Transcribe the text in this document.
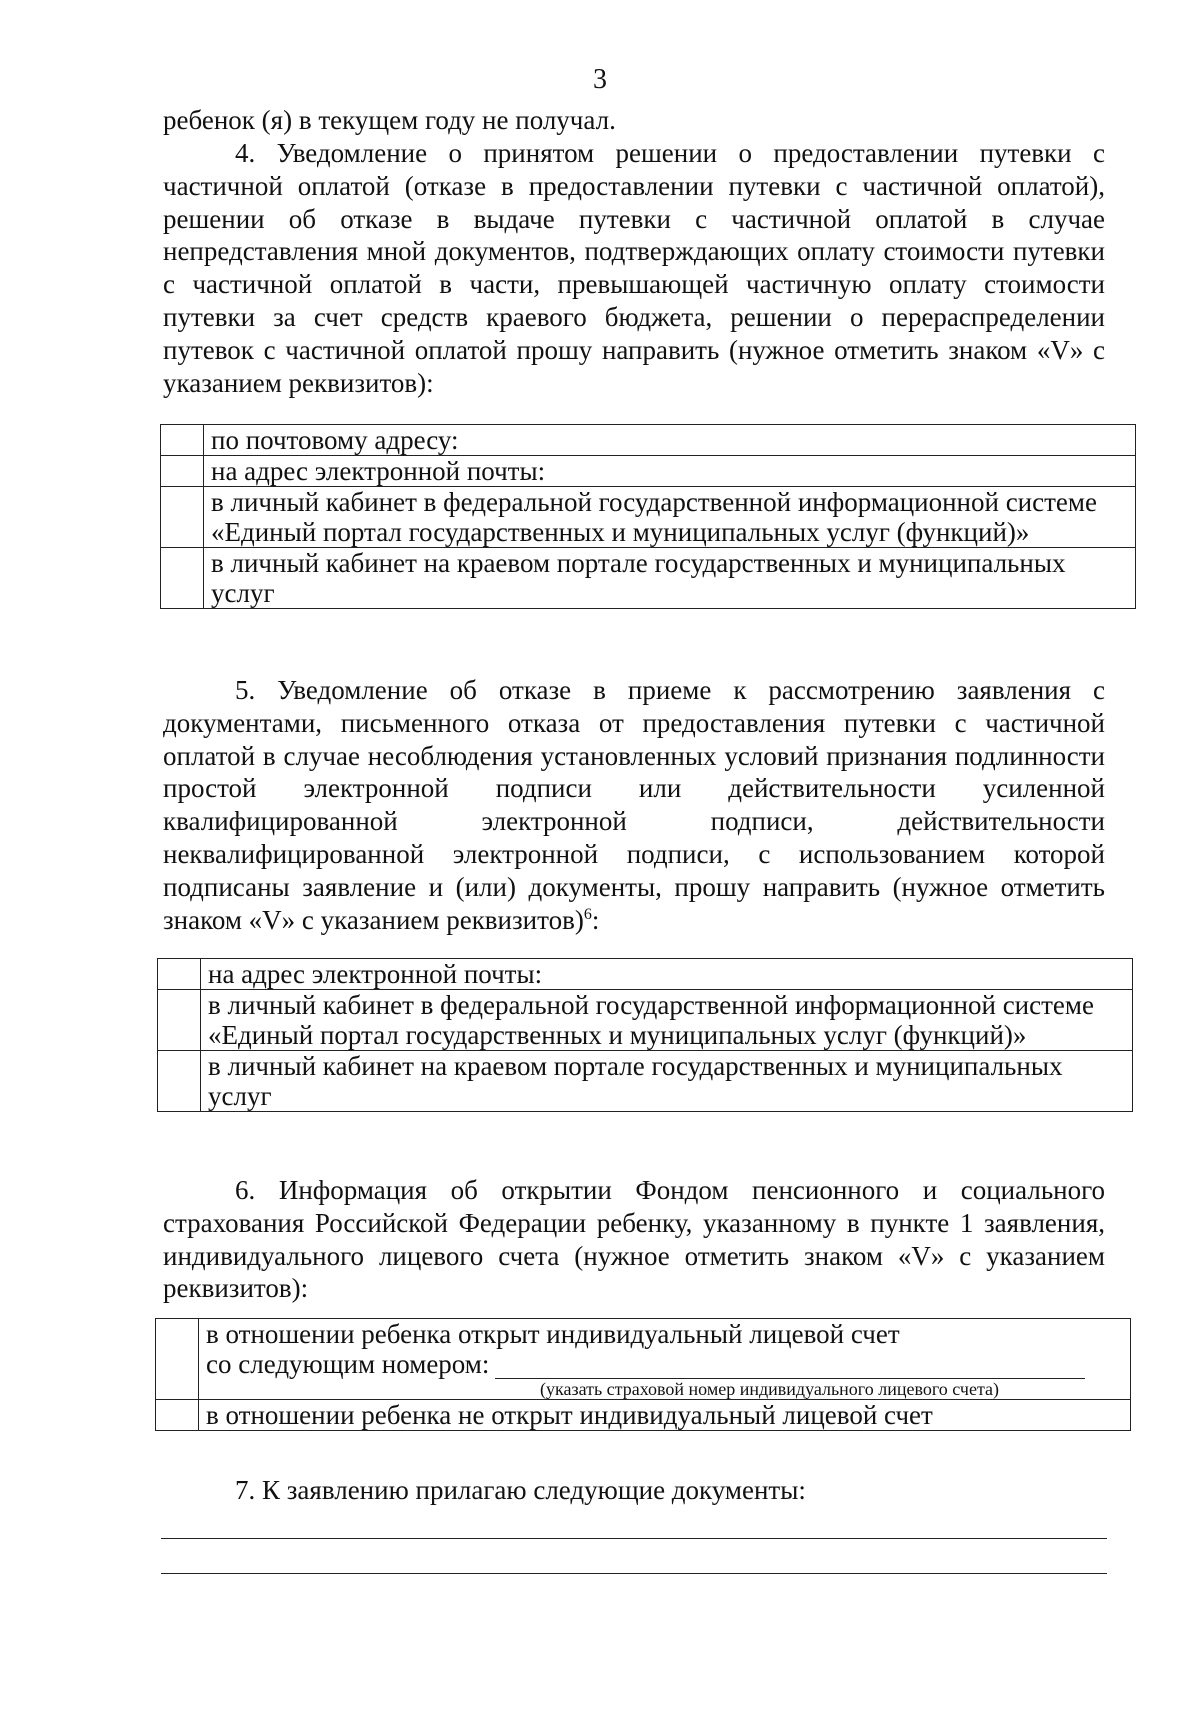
3
ребенок (я) в текущем году не получал.
4. Уведомление о принятом решении о предоставлении путевки с частичной оплатой (отказе в предоставлении путевки с частичной оплатой), решении об отказе в выдаче путевки с частичной оплатой в случае непредставления мной документов, подтверждающих оплату стоимости путевки с частичной оплатой в части, превышающей частичную оплату стоимости путевки за счет средств краевого бюджета, решении о перераспределении путевок с частичной оплатой прошу направить (нужное отметить знаком «V» с указанием реквизитов):
	по почтовому адресу:
	на адрес электронной почты:
	в личный кабинет в федеральной государственной информационной системе «Единый портал государственных и муниципальных услуг (функций)»
	в личный кабинет на краевом портале государственных и муниципальных услуг
5. Уведомление об отказе в приеме к рассмотрению заявления с документами, письменного отказа от предоставления путевки с частичной оплатой в случае несоблюдения установленных условий признания подлинности простой электронной подписи или действительности усиленной квалифицированной электронной подписи, действительности неквалифицированной электронной подписи, с использованием которой подписаны заявление и (или) документы, прошу направить (нужное отметить знаком «V» с указанием реквизитов)$^6$:
	на адрес электронной почты:
	в личный кабинет в федеральной государственной информационной системе «Единый портал государственных и муниципальных услуг (функций)»
	в личный кабинет на краевом портале государственных и муниципальных услуг
6. Информация об открытии Фондом пенсионного и социального страхования Российской Федерации ребенку, указанному в пункте 1 заявления, индивидуального лицевого счета (нужное отметить знаком «V» с указанием реквизитов):
	в отношении ребенка открыт индивидуальный лицевой счет
со следующим номером:
(указать страховой номер индивидуального лицевого счета)

	в отношении ребенка не открыт индивидуальный лицевой счет
7. К заявлению прилагаю следующие документы:
